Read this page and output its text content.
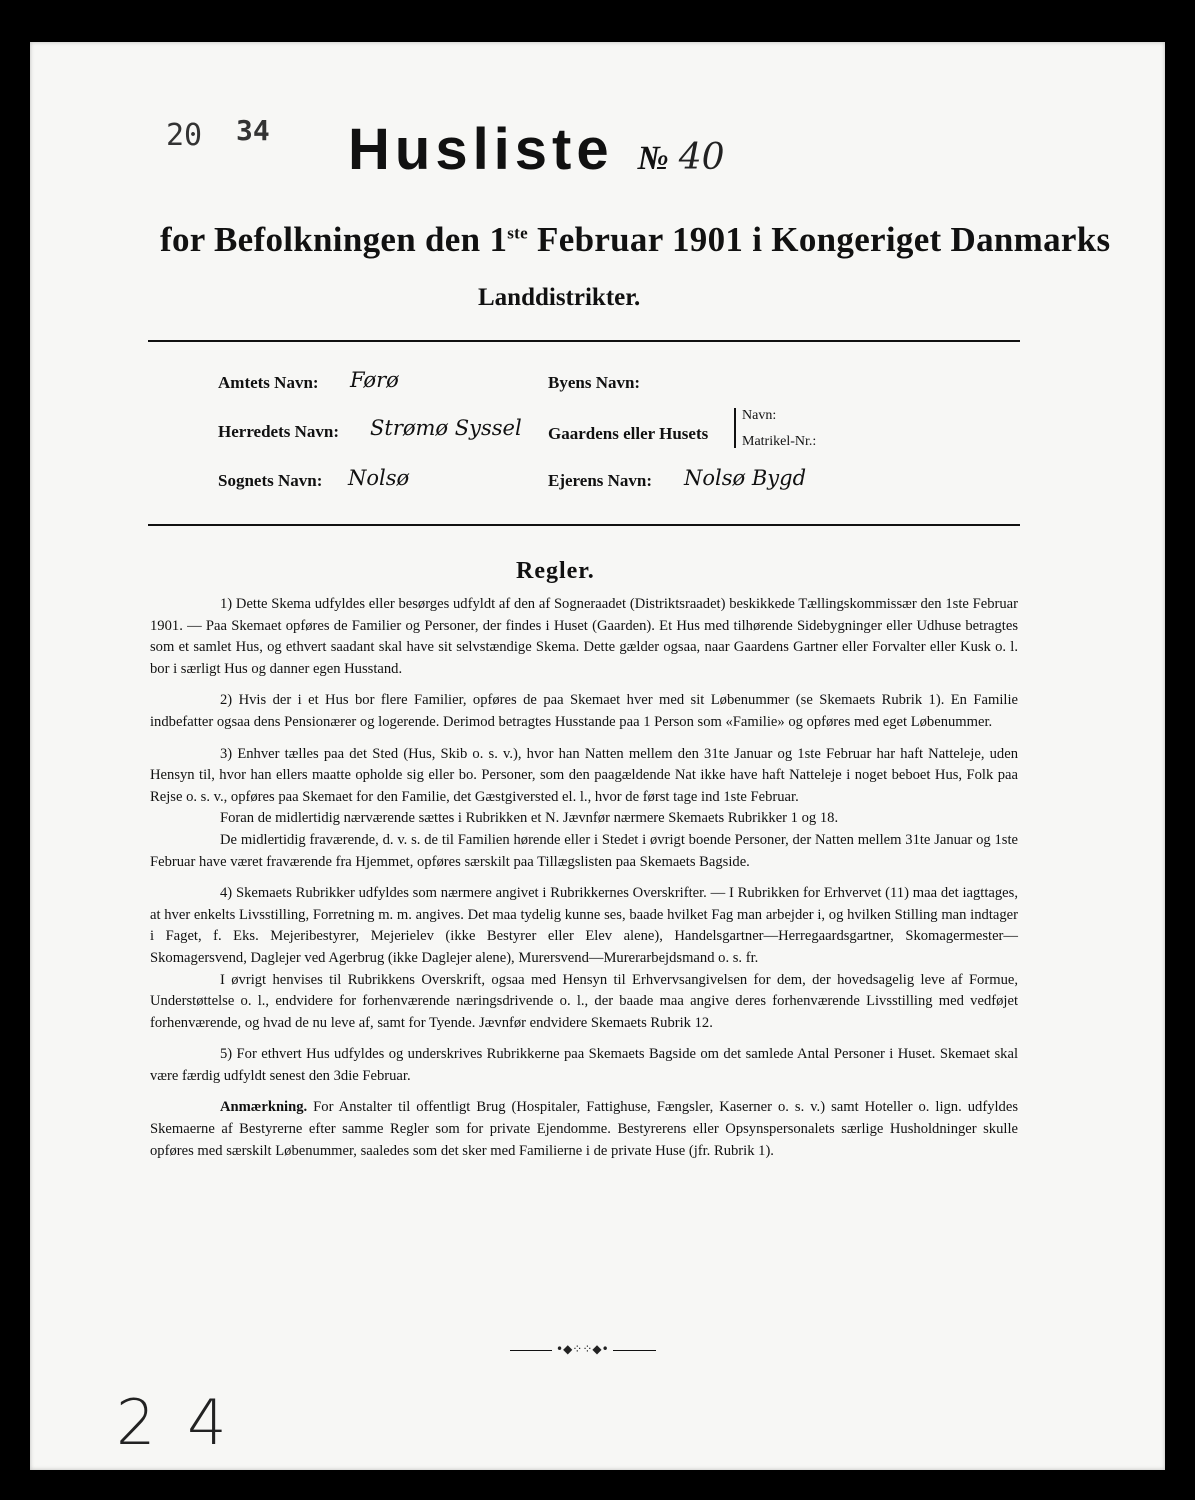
20 34 Husliste № 40
for Befolkningen den 1ste Februar 1901 i Kongeriget Danmarks
Landdistrikter.
Amtets Navn: Førø
Herredets Navn: Strømø Syssel
Sognets Navn: Nolsø
Byens Navn:
Gaardens eller Husets
Navn:
Matrikel-Nr.:
Ejerens Navn: Nolsø Bygd
Regler.

1) Dette Skema udfyldes eller besørges udfyldt af den af Sogneraadet (Distriktsraadet) beskikkede Tællingskommissær den 1ste Februar 1901. — Paa Skemaet opføres de Familier og Personer, der findes i Huset (Gaarden). Et Hus med tilhørende Sidebygninger eller Udhuse betragtes som et samlet Hus, og ethvert saadant skal have sit selvstændige Skema. Dette gælder ogsaa, naar Gaardens Gartner eller Forvalter eller Kusk o. l. bor i særligt Hus og danner egen Husstand.

2) Hvis der i et Hus bor flere Familier, opføres de paa Skemaet hver med sit Løbenummer (se Skemaets Rubrik 1). En Familie indbefatter ogsaa dens Pensionærer og logerende. Derimod betragtes Husstande paa 1 Person som «Familie» og opføres med eget Løbenummer.

3) Enhver tælles paa det Sted (Hus, Skib o. s. v.), hvor han Natten mellem den 31te Januar og 1ste Februar har haft Natteleje, uden Hensyn til, hvor han ellers maatte opholde sig eller bo. Personer, som den paagældende Nat ikke have haft Natteleje i noget beboet Hus, Folk paa Rejse o. s. v., opføres paa Skemaet for den Familie, det Gæstgiversted el. l., hvor de først tage ind 1ste Februar.

Foran de midlertidig nærværende sættes i Rubrikken et N. Jævnfør nærmere Skemaets Rubrikker 1 og 18.

De midlertidig fraværende, d. v. s. de til Familien hørende eller i Stedet i øvrigt boende Personer, der Natten mellem 31te Januar og 1ste Februar have været fraværende fra Hjemmet, opføres særskilt paa Tillægslisten paa Skemaets Bagside.

4) Skemaets Rubrikker udfyldes som nærmere angivet i Rubrikkernes Overskrifter. — I Rubrikken for Erhvervet (11) maa det iagttages, at hver enkelts Livsstilling, Forretning m. m. angives. Det maa tydelig kunne ses, baade hvilket Fag man arbejder i, og hvilken Stilling man indtager i Faget, f. Eks. Mejeribestyrer, Mejerielev (ikke Bestyrer eller Elev alene), Handelsgartner—Herregaardsgartner, Skomagermester—Skomagersvend, Daglejer ved Agerbrug (ikke Daglejer alene), Murersvend—Murerarbejdsmand o. s. fr.

I øvrigt henvises til Rubrikkens Overskrift, ogsaa med Hensyn til Erhvervsangivelsen for dem, der hovedsagelig leve af Formue, Understøttelse o. l., endvidere for forhenværende næringsdrivende o. l., der baade maa angive deres forhenværende Livsstilling med vedføjet forhenværende, og hvad de nu leve af, samt for Tyende. Jævnfør endvidere Skemaets Rubrik 12.

5) For ethvert Hus udfyldes og underskrives Rubrikkerne paa Skemaets Bagside om det samlede Antal Personer i Huset. Skemaet skal være færdig udfyldt senest den 3die Februar.

Anmærkning. For Anstalter til offentligt Brug (Hospitaler, Fattighuse, Fængsler, Kaserner o. s. v.) samt Hoteller o. lign. udfyldes Skemaerne af Bestyrerne efter samme Regler som for private Ejendomme. Bestyrerens eller Opsynspersonalets særlige Husholdninger skulle opføres med særskilt Løbenummer, saaledes som det sker med Familierne i de private Huse (jfr. Rubrik 1).

•◆⁘⁘◆•
2 4
